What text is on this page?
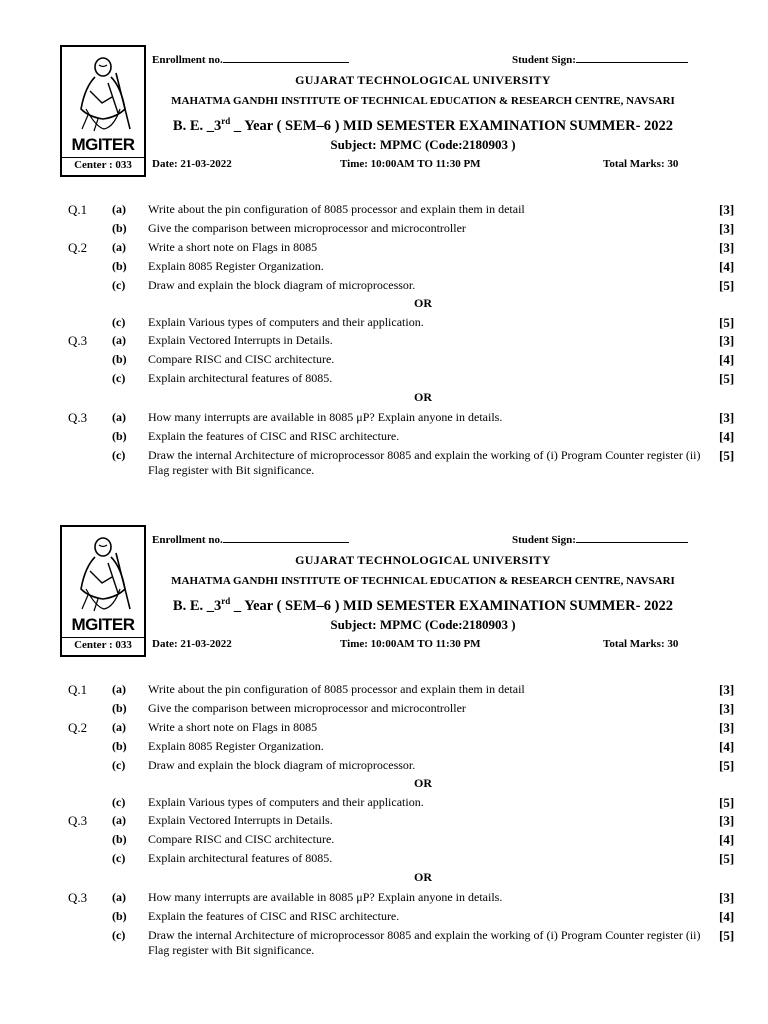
MGITER
Center : 033
Enrollment no.	Student Sign:
GUJARAT TECHNOLOGICAL UNIVERSITY
MAHATMA GANDHI INSTITUTE OF TECHNICAL EDUCATION & RESEARCH CENTRE, NAVSARI
B. E. _3rd _ Year ( SEM–6 ) MID SEMESTER EXAMINATION SUMMER- 2022
Subject: MPMC (Code:2180903 )
Date: 21-03-2022	Time: 10:00AM TO 11:30 PM	Total Marks: 30
Q.1 (a) Write about the pin configuration of 8085 processor and explain them in detail	[3]
(b) Give the comparison between microprocessor and microcontroller	[3]
Q.2 (a) Write a short note on Flags in 8085	[3]
(b) Explain 8085 Register Organization.	[4]
(c) Draw and explain the block diagram of microprocessor.	[5]
OR
(c) Explain Various types of computers and their application.	[5]
Q.3 (a) Explain Vectored Interrupts in Details.	[3]
(b) Compare RISC and CISC architecture.	[4]
(c) Explain architectural features of 8085.	[5]
OR
Q.3 (a) How many interrupts are available in 8085 μP? Explain anyone in details.	[3]
(b) Explain the features of CISC and RISC architecture.	[4]
(c) Draw the internal Architecture of microprocessor 8085 and explain the working of (i) Program Counter register (ii) Flag register with Bit significance.
[5]
MGITER
Center : 033
Enrollment no.	Student Sign:
GUJARAT TECHNOLOGICAL UNIVERSITY
MAHATMA GANDHI INSTITUTE OF TECHNICAL EDUCATION & RESEARCH CENTRE, NAVSARI
B. E. _3rd _ Year ( SEM–6 ) MID SEMESTER EXAMINATION SUMMER- 2022
Subject: MPMC (Code:2180903 )
Date: 21-03-2022	Time: 10:00AM TO 11:30 PM	Total Marks: 30
Q.1 (a) Write about the pin configuration of 8085 processor and explain them in detail	[3]
(b) Give the comparison between microprocessor and microcontroller	[3]
Q.2 (a) Write a short note on Flags in 8085	[3]
(b) Explain 8085 Register Organization.	[4]
(c) Draw and explain the block diagram of microprocessor.	[5]
OR
(c) Explain Various types of computers and their application.	[5]
Q.3 (a) Explain Vectored Interrupts in Details.	[3]
(b) Compare RISC and CISC architecture.	[4]
(c) Explain architectural features of 8085.	[5]
OR
Q.3 (a) How many interrupts are available in 8085 μP? Explain anyone in details.	[3]
(b) Explain the features of CISC and RISC architecture.	[4]
(c) Draw the internal Architecture of microprocessor 8085 and explain the working of (i) Program Counter register (ii) Flag register with Bit significance.
[5]
